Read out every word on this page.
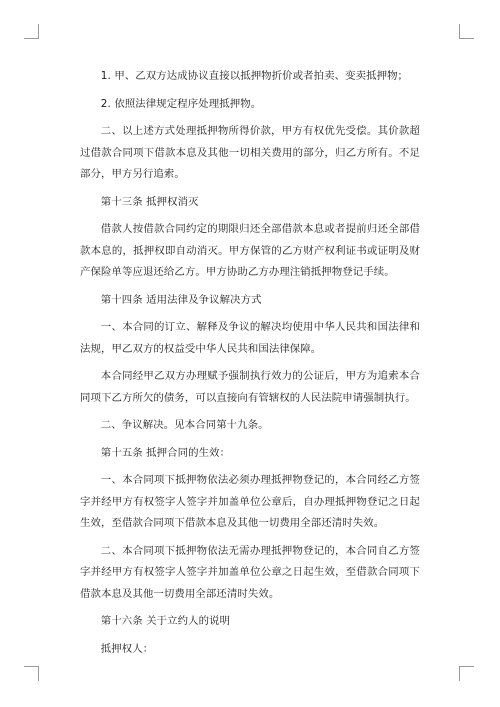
1. 甲、乙双方达成协议直接以抵押物折价或者拍卖、变卖抵押物；

2. 依照法律规定程序处理抵押物。

二、以上述方式处理抵押物所得价款，甲方有权优先受偿。其价款超过借款合同项下借款本息及其他一切相关费用的部分，归乙方所有。不足部分，甲方另行追索。

第十三条 抵押权消灭

借款人按借款合同约定的期限归还全部借款本息或者提前归还全部借款本息的，抵押权即自动消灭。甲方保管的乙方财产权利证书或证明及财产保险单等应退还给乙方。甲方协助乙方办理注销抵押物登记手续。

第十四条 适用法律及争议解决方式

一、本合同的订立、解释及争议的解决均使用中华人民共和国法律和法规，甲乙双方的权益受中华人民共和国法律保障。

本合同经甲乙双方办理赋予强制执行效力的公证后，甲方为追索本合同项下乙方所欠的债务，可以直接向有管辖权的人民法院申请强制执行。

二、争议解决。见本合同第十九条。

第十五条 抵押合同的生效：

一、本合同项下抵押物依法必须办理抵押物登记的，本合同经乙方签字并经甲方有权签字人签字并加盖单位公章后，自办理抵押物登记之日起生效，至借款合同项下借款本息及其他一切费用全部还清时失效。

二、本合同项下抵押物依法无需办理抵押物登记的，本合同自乙方签字并经甲方有权签字人签字并加盖单位公章之日起生效，至借款合同项下借款本息及其他一切费用全部还清时失效。

第十六条 关于立约人的说明

抵押权人：
